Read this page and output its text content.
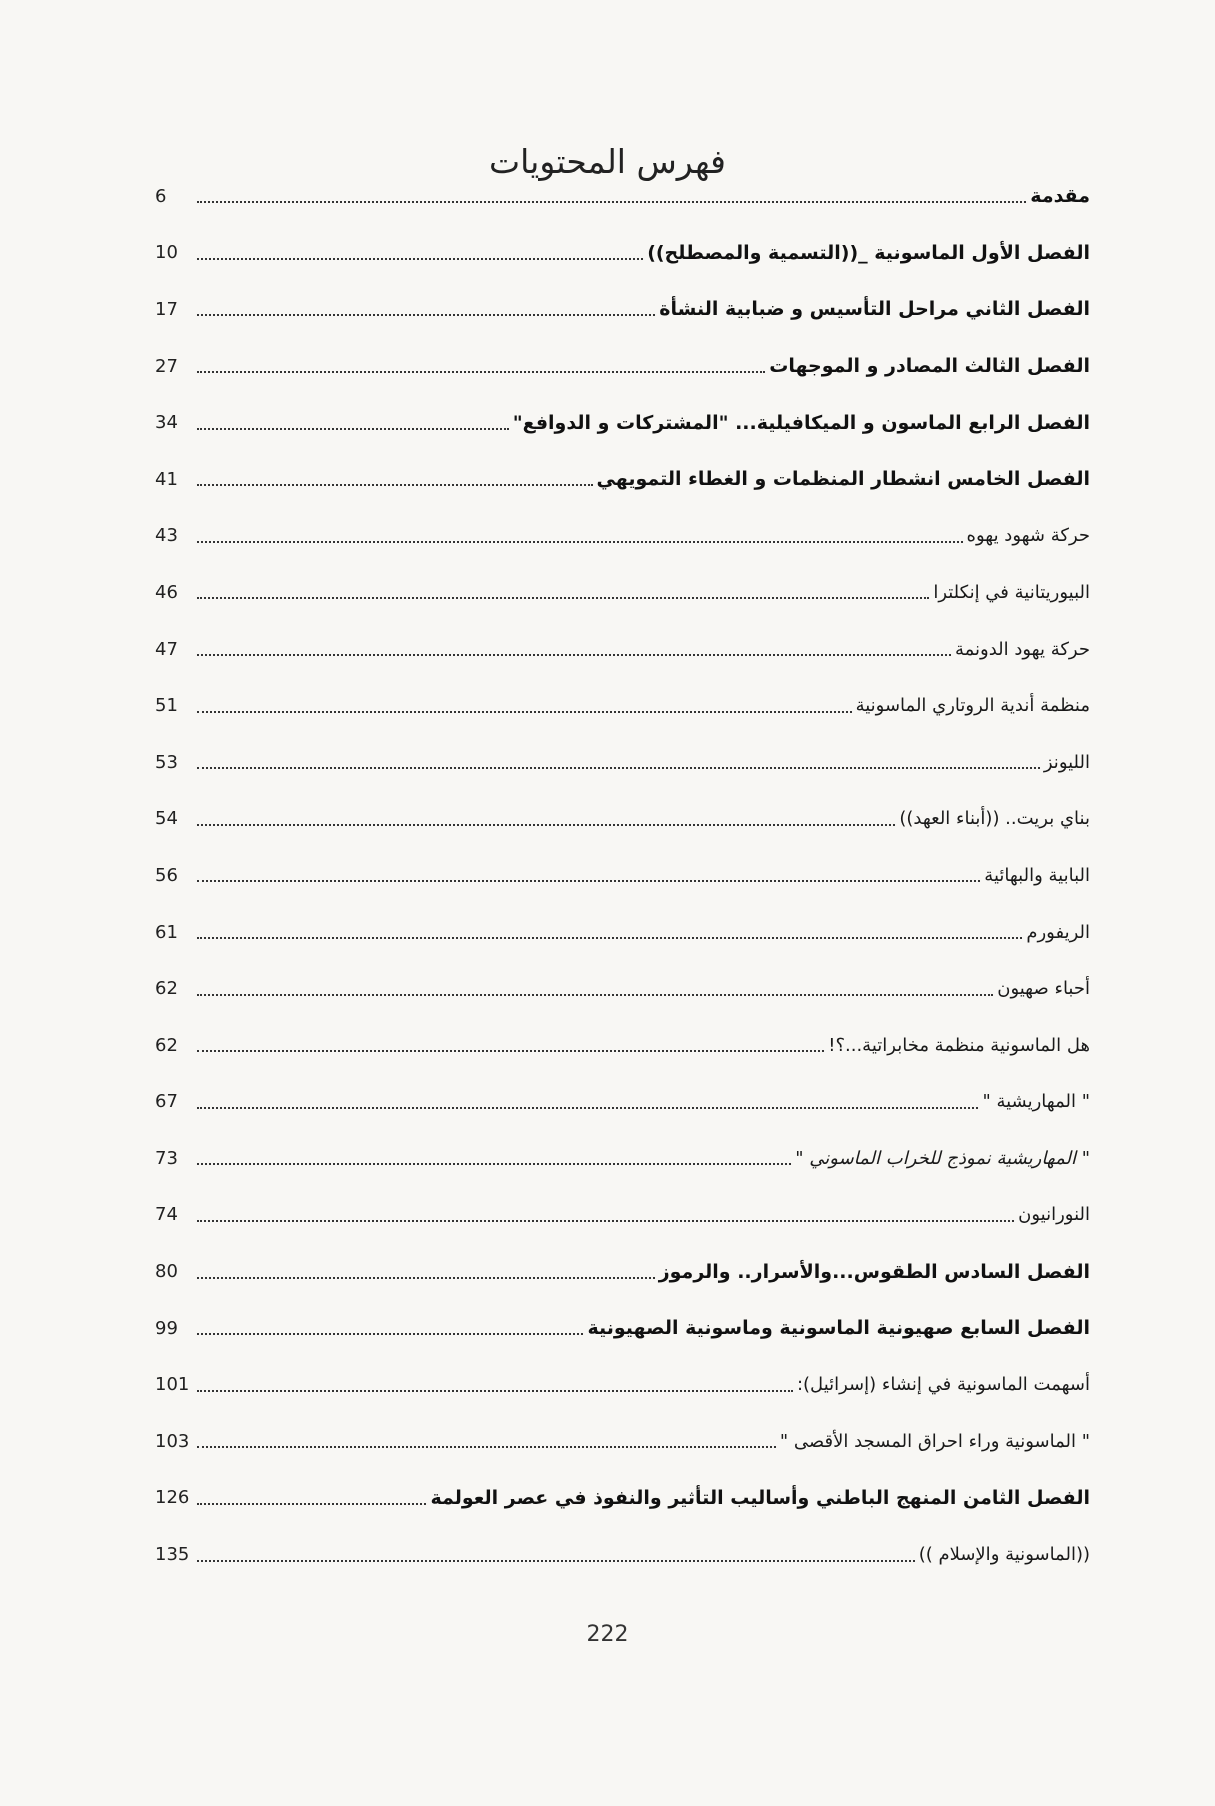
فهرس المحتويات
مقدمة
6
الفصل الأول الماسونية _((التسمية والمصطلح))
10
الفصل الثاني مراحل التأسيس و ضبابية النشأة
17
الفصل الثالث المصادر و الموجهات
27
الفصل الرابع الماسون و الميكافيلية... "المشتركات و الدوافع"
34
الفصل الخامس انشطار المنظمات و الغطاء التمويهي
41
حركة شهود يهوه
43
البيوريتانية في إنكلترا
46
حركة يهود الدونمة
47
منظمة أندية الروتاري الماسونية
51
الليونز
53
بناي بريت.. ((أبناء العهد))
54
البابية والبهائية
56
الريفورم
61
أحباء صهيون
62
هل الماسونية منظمة مخابراتية...؟!
62
" المهاريشية "
67
" المهاريشية نموذج للخراب الماسوني "
73
النورانيون
74
الفصل السادس الطقوس...والأسرار.. والرموز
80
الفصل السابع صهيونية الماسونية وماسونية الصهيونية
99
أسهمت الماسونية في إنشاء (إسرائيل):
101
" الماسونية وراء احراق المسجد الأقصى "
103
الفصل الثامن المنهج الباطني وأساليب التأثير والنفوذ في عصر العولمة
126
((الماسونية والإسلام ))
135
222
